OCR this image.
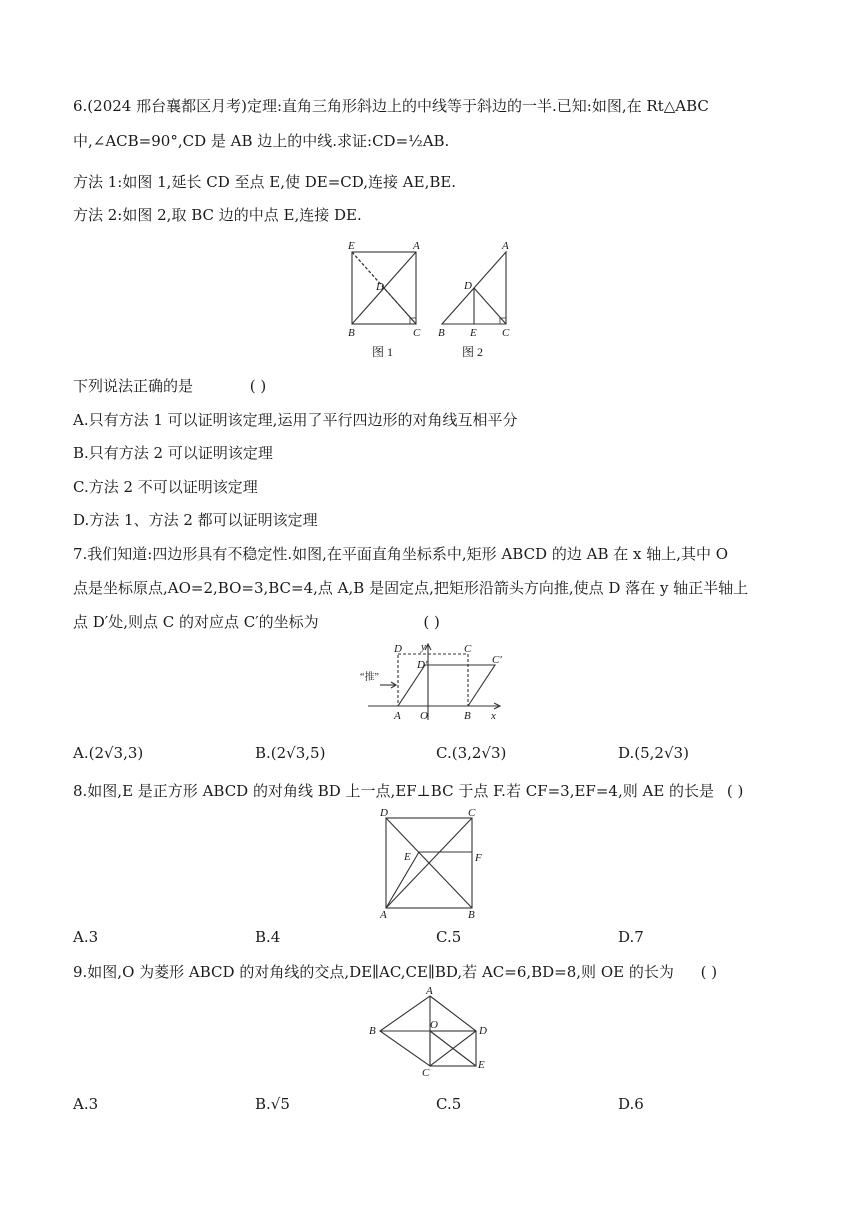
6.(2024 邢台襄都区月考)定理:直角三角形斜边上的中线等于斜边的一半.已知:如图,在 Rt△ABC
中,∠ACB=90°,CD 是 AB 边上的中线.求证:CD=½AB.
方法 1:如图 1,延长 CD 至点 E,使 DE=CD,连接 AE,BE.
方法 2:如图 2,取 BC 边的中点 E,连接 DE.
E	A
D
B	C
图 1
A
D
B E C
图 2
下列说法正确的是	( )
A.只有方法 1 可以证明该定理,运用了平行四边形的对角线互相平分
B.只有方法 2 可以证明该定理
C.方法 2 不可以证明该定理
D.方法 1、方法 2 都可以证明该定理
7.我们知道:四边形具有不稳定性.如图,在平面直角坐标系中,矩形 ABCD 的边 AB 在 x 轴上,其中 O
点是坐标原点,AO=2,BO=3,BC=4,点 A,B 是固定点,把矩形沿箭头方向推,使点 D 落在 y 轴正半轴上
点 D′处,则点 C 的对应点 C′的坐标为	( )
D y	C
D′	C′
“推”
A O	B x
A.(2√3,3)	B.(2√3,5)	C.(3,2√3)	D.(5,2√3)
8.如图,E 是正方形 ABCD 的对角线 BD 上一点,EF⊥BC 于点 F.若 CF=3,EF=4,则 AE 的长是 ( )
D	C
E	F
A	B
A.3	B.4	C.5	D.7
9.如图,O 为菱形 ABCD 的对角线的交点,DE∥AC,CE∥BD,若 AC=6,BD=8,则 OE 的长为 ( )
A
B	O	D
C
E
A.3	B.√5	C.5	D.6
